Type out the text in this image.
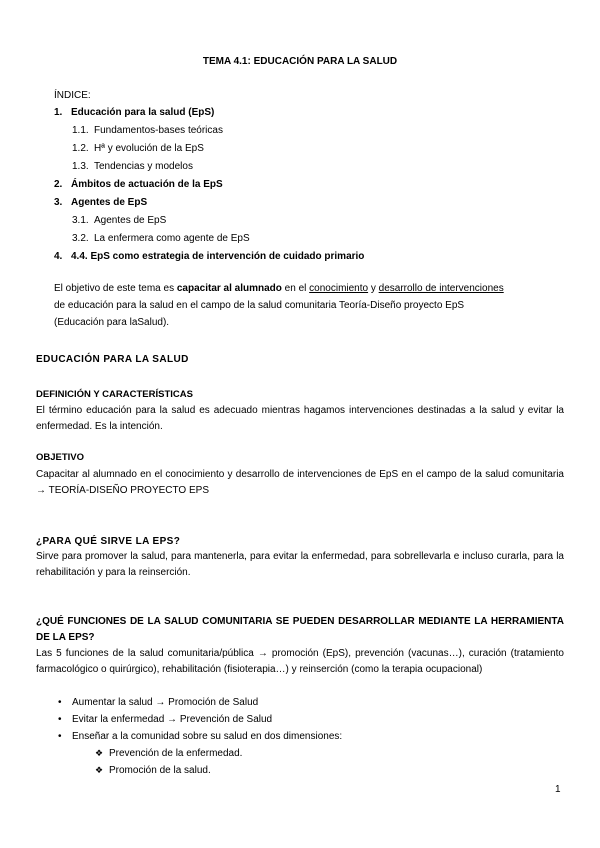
TEMA 4.1: EDUCACIÓN PARA LA SALUD
ÍNDICE:
1. Educación para la salud (EpS)
1.1. Fundamentos-bases teóricas
1.2. Hª y evolución de la EpS
1.3. Tendencias y modelos
2. Ámbitos de actuación de la EpS
3. Agentes de EpS
3.1. Agentes de EpS
3.2. La enfermera como agente de EpS
4. 4.4. EpS como estrategia de intervención de cuidado primario
El objetivo de este tema es capacitar al alumnado en el conocimiento y desarrollo de intervenciones
de educación para la salud en el campo de la salud comunitaria Teoría-Diseño proyecto EpS
(Educación para laSalud).
EDUCACIÓN PARA LA SALUD
DEFINICIÓN Y CARACTERÍSTICAS
El término educación para la salud es adecuado mientras hagamos intervenciones destinadas a la salud y evitar la enfermedad. Es la intención.
OBJETIVO
Capacitar al alumnado en el conocimiento y desarrollo de intervenciones de EpS en el campo de la salud comunitaria → TEORÍA-DISEÑO PROYECTO EPS
¿PARA QUÉ SIRVE LA EPS?
Sirve para promover la salud, para mantenerla, para evitar la enfermedad, para sobrellevarla e incluso curarla, para la rehabilitación y para la reinserción.
¿QUÉ FUNCIONES DE LA SALUD COMUNITARIA SE PUEDEN DESARROLLAR MEDIANTE LA HERRAMIENTA DE LA EPS?
Las 5 funciones de la salud comunitaria/pública → promoción (EpS), prevención (vacunas…), curación (tratamiento farmacológico o quirúrgico), rehabilitación (fisioterapia…) y reinserción (como la terapia ocupacional)
• Aumentar la salud → Promoción de Salud
• Evitar la enfermedad → Prevención de Salud
• Enseñar a la comunidad sobre su salud en dos dimensiones:
❖ Prevención de la enfermedad.
❖ Promoción de la salud.
1
